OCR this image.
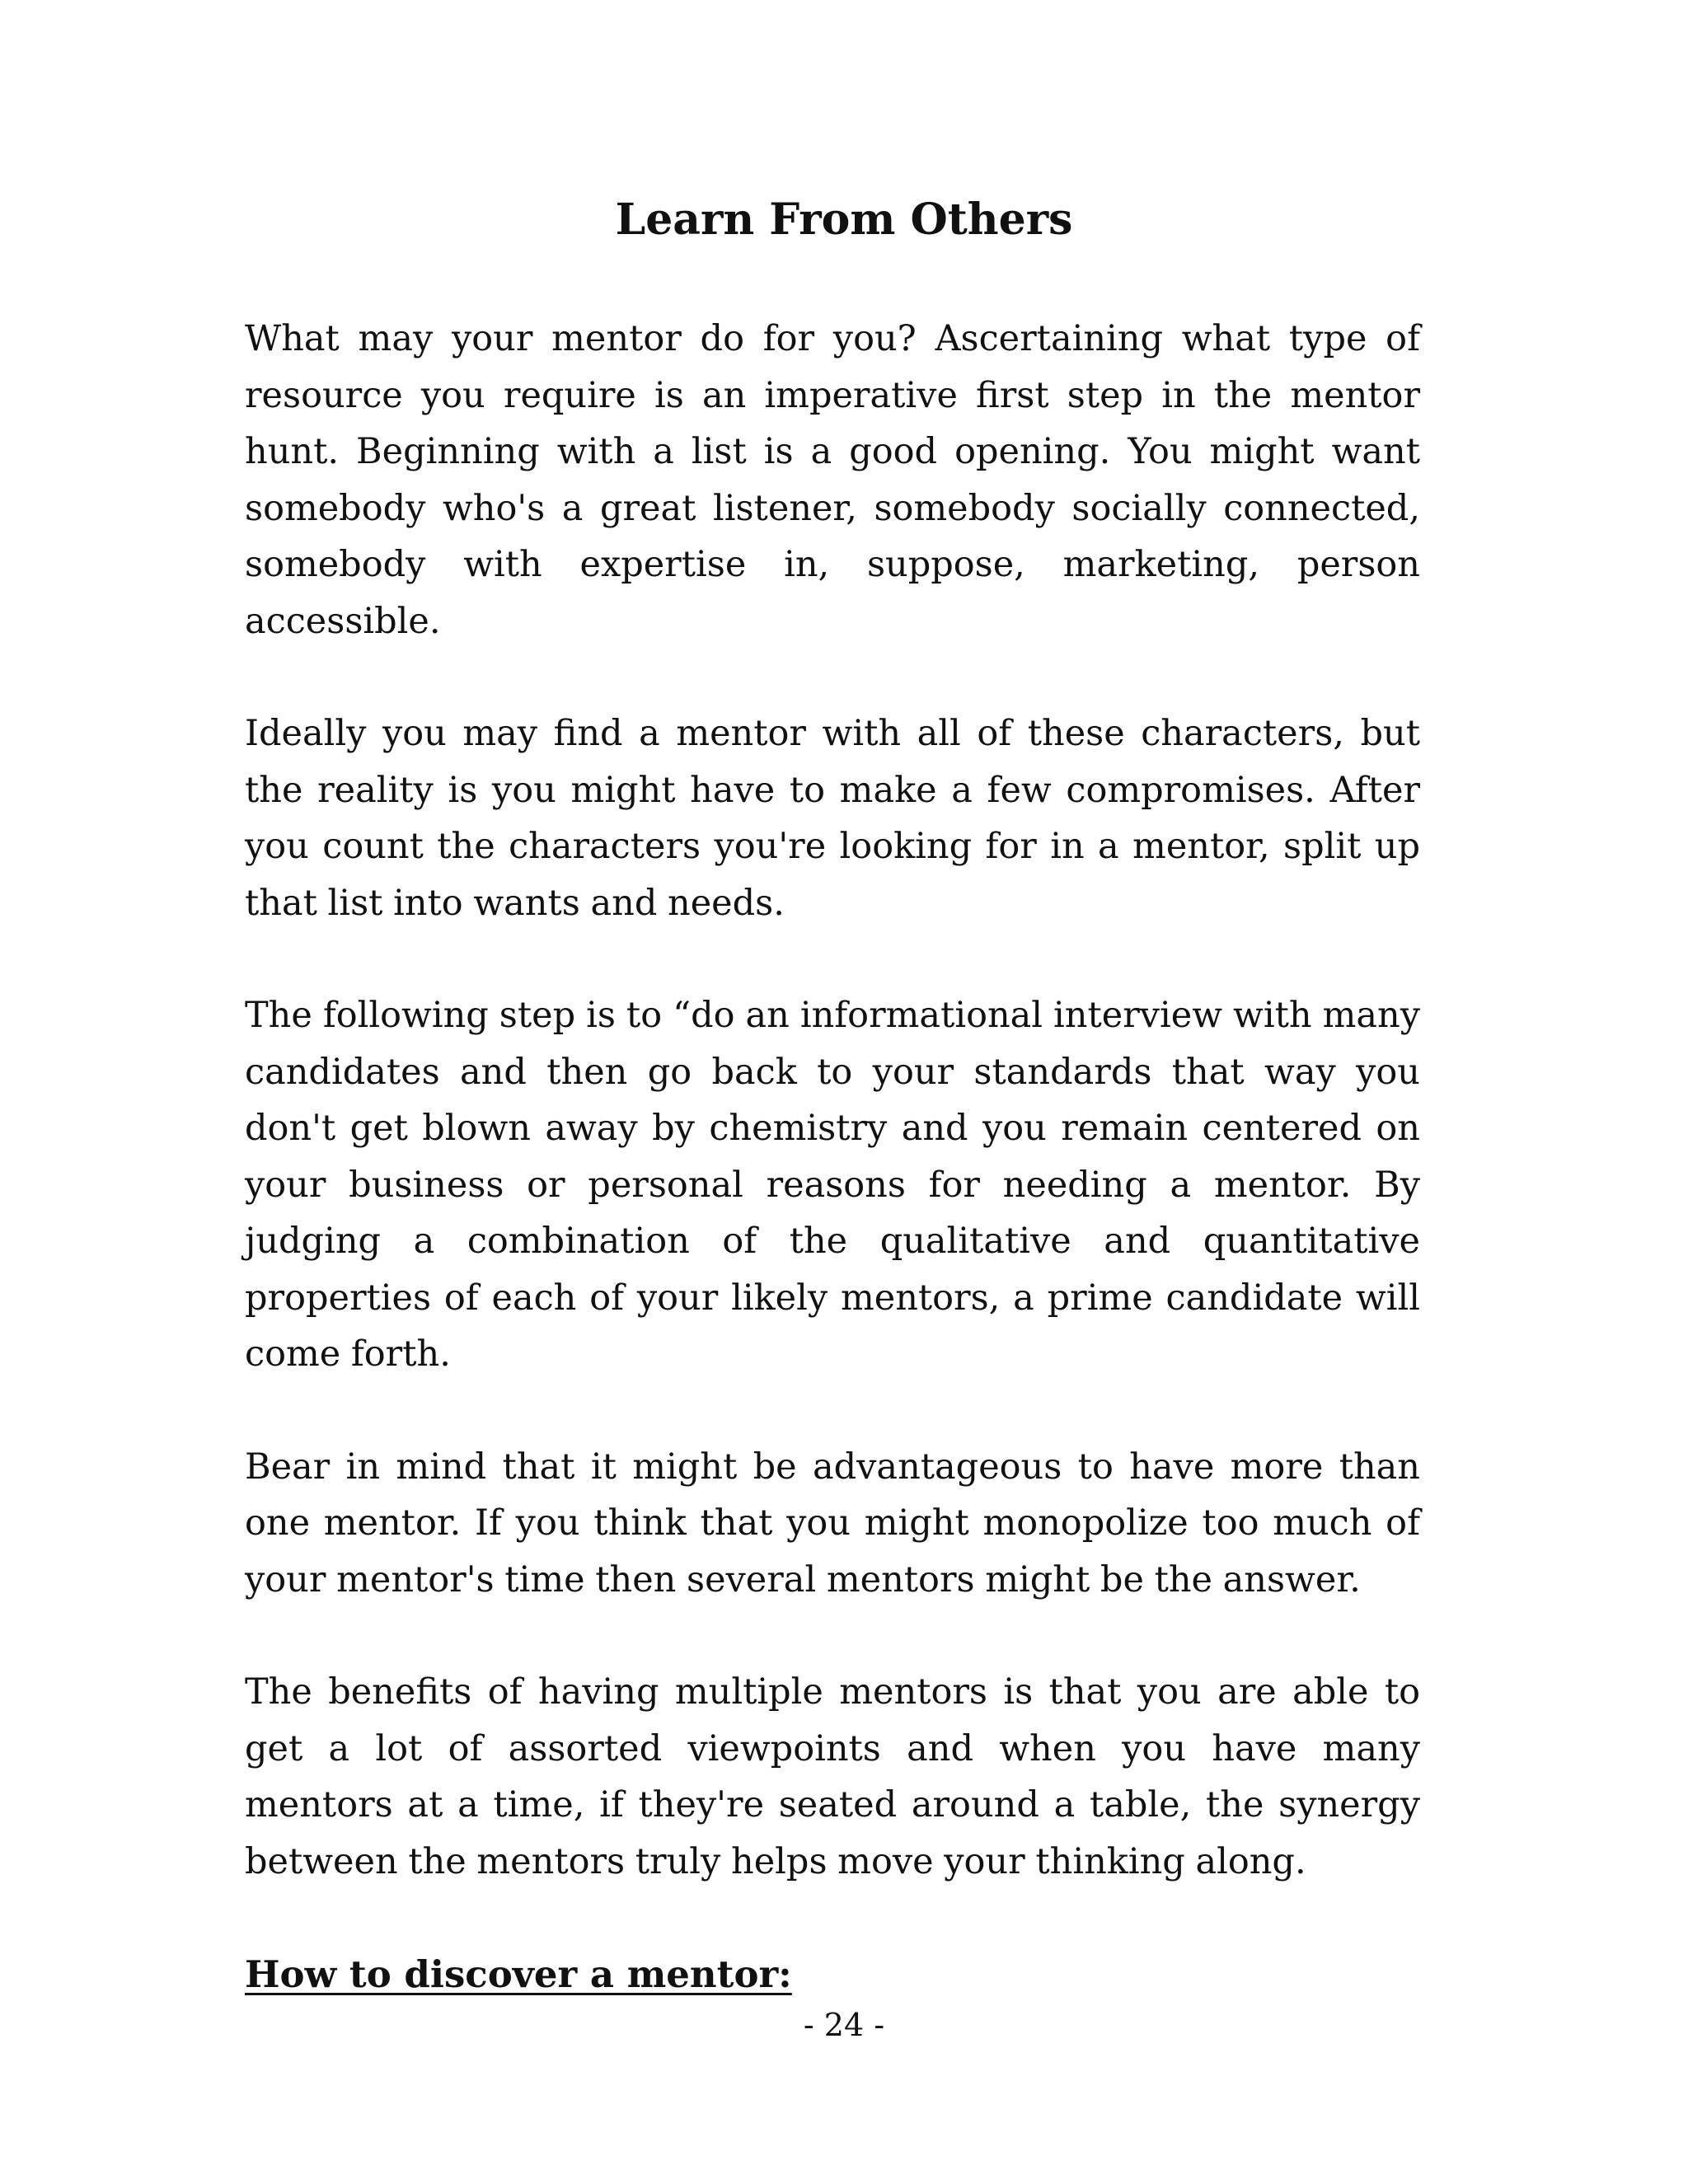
Learn From Others

What may your mentor do for you? Ascertaining what type of resource you require is an imperative first step in the mentor hunt. Beginning with a list is a good opening. You might want somebody who's a great listener, somebody socially connected, somebody with expertise in, suppose, marketing, person accessible.

Ideally you may find a mentor with all of these characters, but the reality is you might have to make a few compromises. After you count the characters you're looking for in a mentor, split up that list into wants and needs.

The following step is to “do an informational interview with many candidates and then go back to your standards that way you don't get blown away by chemistry and you remain centered on your business or personal reasons for needing a mentor. By judging a combination of the qualitative and quantitative properties of each of your likely mentors, a prime candidate will come forth.

Bear in mind that it might be advantageous to have more than one mentor. If you think that you might monopolize too much of your mentor's time then several mentors might be the answer.

The benefits of having multiple mentors is that you are able to get a lot of assorted viewpoints and when you have many mentors at a time, if they're seated around a table, the synergy between the mentors truly helps move your thinking along.

How to discover a mentor:
- 24 -
